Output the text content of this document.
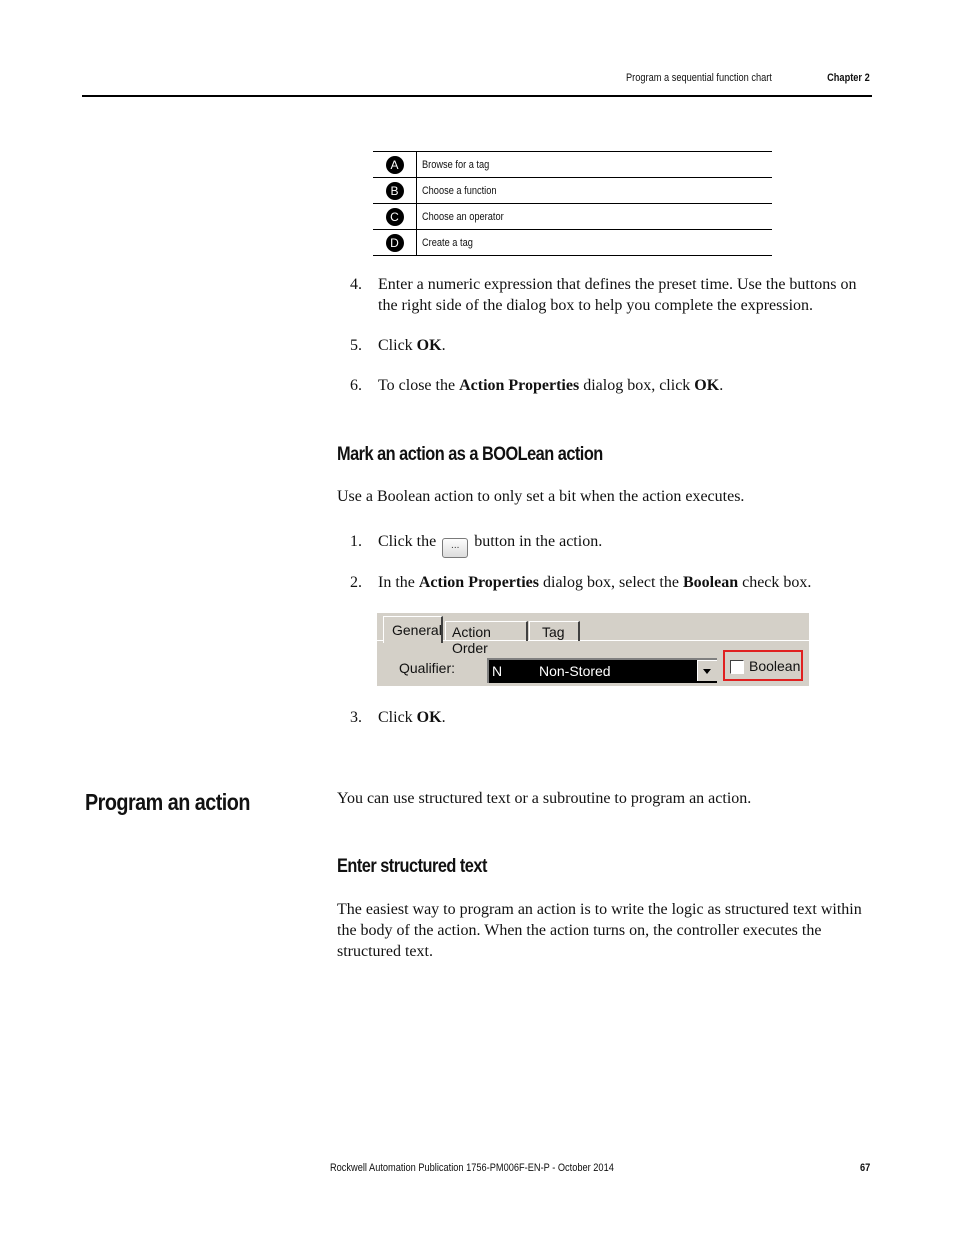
Program a sequential function chart	Chapter 2
A	Browse for a tag
B	Choose a function
C	Choose an operator
D	Create a tag
4.	Enter a numeric expression that defines the preset time. Use the buttons on the right side of the dialog box to help you complete the expression.
5.	Click OK.
6.	To close the Action Properties dialog box, click OK.
Mark an action as a BOOLean action
Use a Boolean action to only set a bit when the action executes.
1.	Click the ... button in the action.
2.	In the Action Properties dialog box, select the Boolean check box.
General Action Order
Tag
Qualifier:	N	Non-Stored	Boolean
3.	Click OK.
Program an action	You can use structured text or a subroutine to program an action.
Enter structured text
The easiest way to program an action is to write the logic as structured text within the body of the action. When the action turns on, the controller executes the structured text.
Rockwell Automation Publication 1756-PM006F-EN-P - October 2014	67
